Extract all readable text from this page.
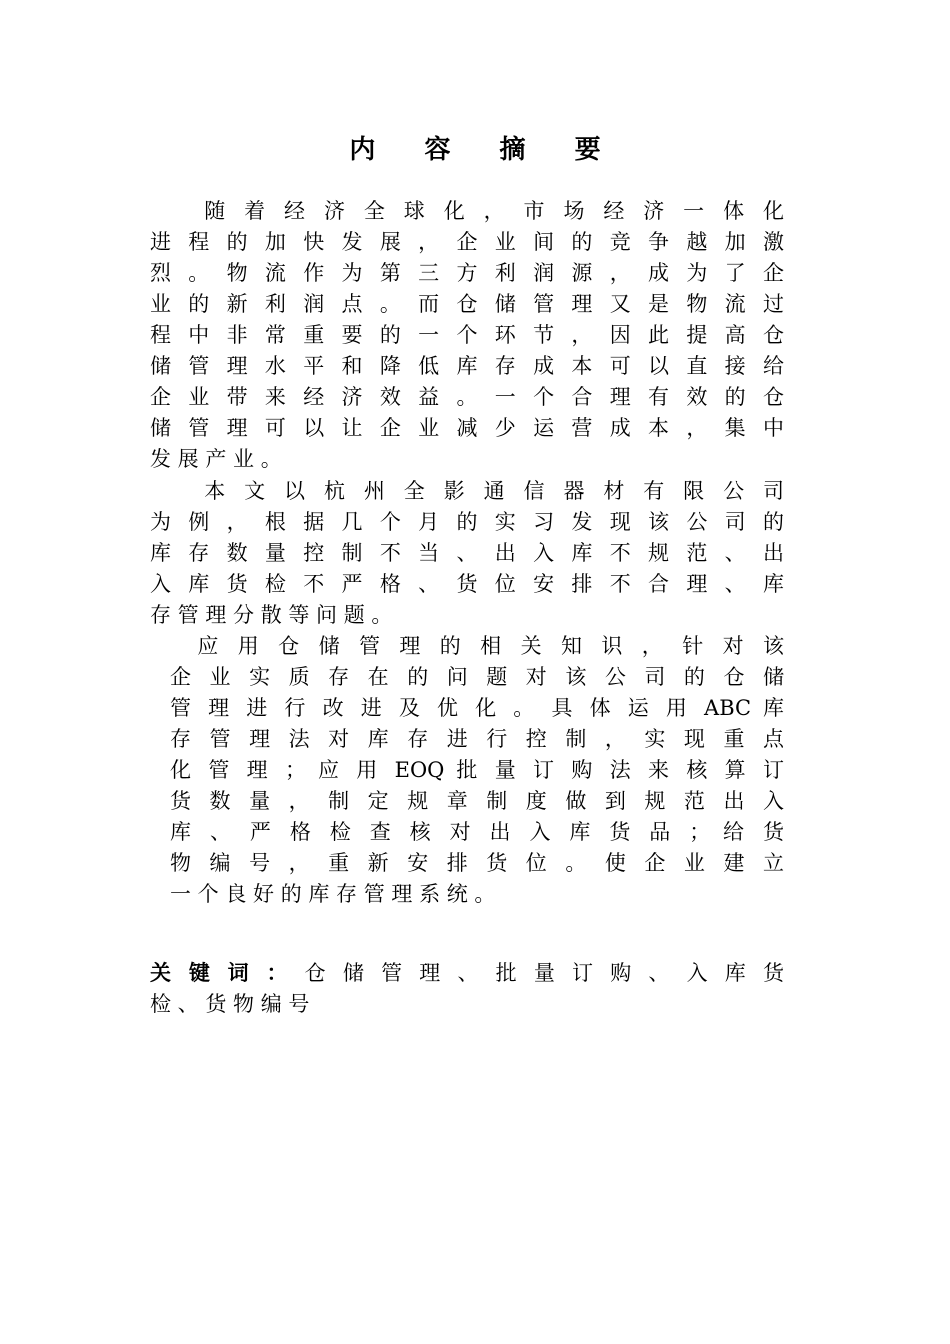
内 容 摘 要
　　随 着 经 济 全 球 化 ， 市 场 经 济 一 体 化
进 程 的 加 快 发 展 ， 企 业 间 的 竞 争 越 加 激
烈 。 物 流 作 为 第 三 方 利 润 源 ， 成 为 了 企
业 的 新 利 润 点 。 而 仓 储 管 理 又 是 物 流 过
程 中 非 常 重 要 的 一 个 环 节 ， 因 此 提 高 仓
储 管 理 水 平 和 降 低 库 存 成 本 可 以 直 接 给
企 业 带 来 经 济 效 益 。 一 个 合 理 有 效 的 仓
储 管 理 可 以 让 企 业 减 少 运 营 成 本 ， 集 中
发 展 产 业 。
　　本 文 以 杭 州 全 影 通 信 器 材 有 限 公 司
为 例 ， 根 据 几 个 月 的 实 习 发 现 该 公 司 的
库 存 数 量 控 制 不 当 、 出 入 库 不 规 范 、 出
入 库 货 检 不 严 格 、 货 位 安 排 不 合 理 、 库
存 管 理 分 散 等 问 题 。
　应 用 仓 储 管 理 的 相 关 知 识 ， 针 对 该
企 业 实 质 存 在 的 问 题 对 该 公 司 的 仓 储
管 理 进 行 改 进 及 优 化 。 具 体 运 用 ABC 库
存 管 理 法 对 库 存 进 行 控 制 ， 实 现 重 点
化 管 理 ； 应 用 EOQ 批 量 订 购 法 来 核 算 订
货 数 量 ， 制 定 规 章 制 度 做 到 规 范 出 入
库 、 严 格 检 查 核 对 出 入 库 货 品 ； 给 货
物 编 号 ， 重 新 安 排 货 位 。 使 企 业 建 立
一 个 良 好 的 库 存 管 理 系 统 。
关 键 词 ： 仓 储 管 理 、 批 量 订 购 、 入 库 货
检 、 货 物 编 号
